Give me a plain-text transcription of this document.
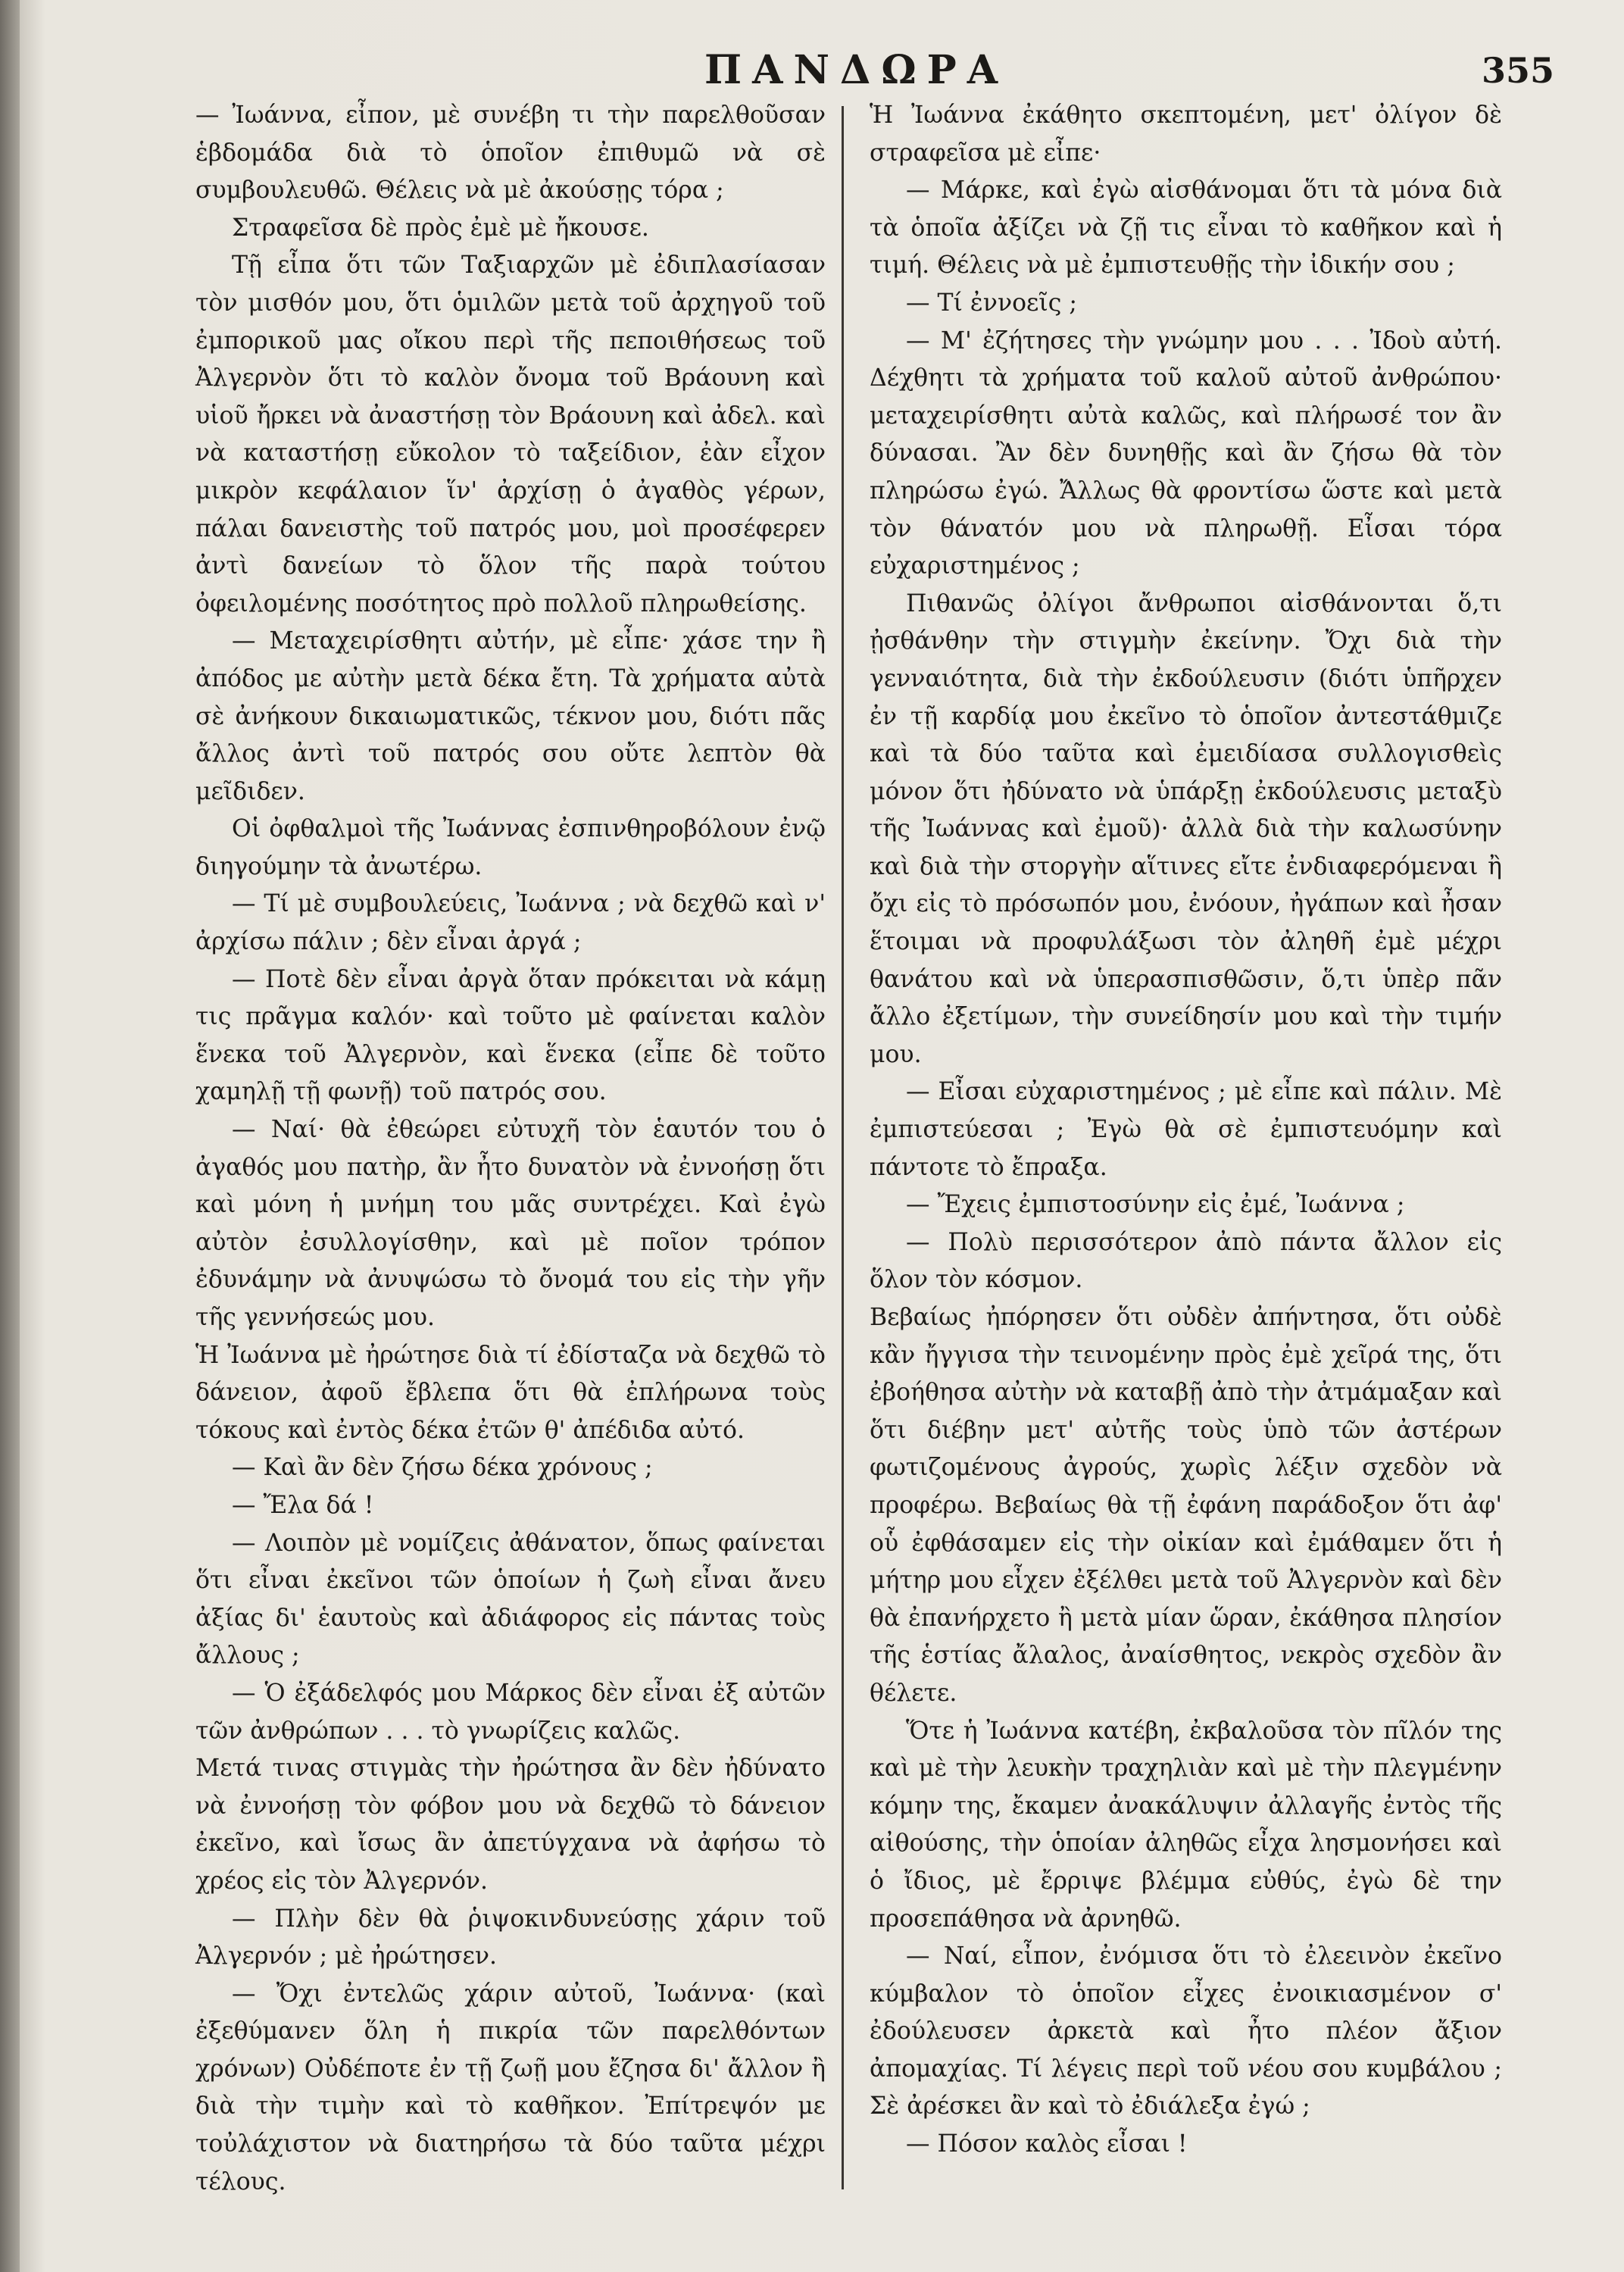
ΠΑΝΔΩΡΑ	355

— Ἰωάννα, εἶπον, μὲ συνέβη τι τὴν παρελθοῦσαν ἑβδομάδα διὰ τὸ ὁποῖον ἐπιθυμῶ νὰ σὲ συμβουλευθῶ. Θέλεις νὰ μὲ ἀκούσῃς τόρα ;

Στραφεῖσα δὲ πρὸς ἐμὲ μὲ ἤκουσε.

Τῇ εἶπα ὅτι τῶν Ταξιαρχῶν μὲ ἐδιπλασίασαν τὸν μισθόν μου, ὅτι ὁμιλῶν μετὰ τοῦ ἀρχηγοῦ τοῦ ἐμπορικοῦ μας οἴκου περὶ τῆς πεποιθήσεως τοῦ Ἀλγερνὸν ὅτι τὸ καλὸν ὄνομα τοῦ Βράουνη καὶ υἱοῦ ἤρκει νὰ ἀναστήσῃ τὸν Βράουνη καὶ ἀδελ. καὶ νὰ καταστήσῃ εὔκολον τὸ ταξείδιον, ἐὰν εἶχον μικρὸν κεφάλαιον ἵν' ἀρχίσῃ ὁ ἀγαθὸς γέρων, πάλαι δανειστὴς τοῦ πατρός μου, μοὶ προσέφερεν ἀντὶ δανείων τὸ ὅλον τῆς παρὰ τούτου ὀφειλομένης ποσότητος πρὸ πολλοῦ πληρωθείσης.

— Μεταχειρίσθητι αὐτήν, μὲ εἶπε· χάσε την ἢ ἀπόδος με αὐτὴν μετὰ δέκα ἔτη. Τὰ χρήματα αὐτὰ σὲ ἀνήκουν δικαιωματικῶς, τέκνον μου, διότι πᾶς ἄλλος ἀντὶ τοῦ πατρός σου οὔτε λεπτὸν θὰ μεῖδιδεν.

Οἱ ὀφθαλμοὶ τῆς Ἰωάννας ἐσπινθηροβόλουν ἐνῷ διηγούμην τὰ ἀνωτέρω.

— Τί μὲ συμβουλεύεις, Ἰωάννα ; νὰ δεχθῶ καὶ ν' ἀρχίσω πάλιν ; δὲν εἶναι ἀργά ;

— Ποτὲ δὲν εἶναι ἀργὰ ὅταν πρόκειται νὰ κάμῃ τις πρᾶγμα καλόν· καὶ τοῦτο μὲ φαίνεται καλὸν ἕνεκα τοῦ Ἀλγερνὸν, καὶ ἕνεκα (εἶπε δὲ τοῦτο χαμηλῇ τῇ φωνῇ) τοῦ πατρός σου.

— Ναί· θὰ ἐθεώρει εὐτυχῆ τὸν ἑαυτόν του ὁ ἀγαθός μου πατὴρ, ἂν ἦτο δυνατὸν νὰ ἐννοήσῃ ὅτι καὶ μόνη ἡ μνήμη του μᾶς συντρέχει. Καὶ ἐγὼ αὐτὸν ἐσυλλογίσθην, καὶ μὲ ποῖον τρόπον ἐδυνάμην νὰ ἀνυψώσω τὸ ὄνομά του εἰς τὴν γῆν τῆς γεννήσεώς μου.

Ἡ Ἰωάννα μὲ ἠρώτησε διὰ τί ἐδίσταζα νὰ δεχθῶ τὸ δάνειον, ἀφοῦ ἔβλεπα ὅτι θὰ ἐπλήρωνα τοὺς τόκους καὶ ἐντὸς δέκα ἐτῶν θ' ἀπέδιδα αὐτό.

— Καὶ ἂν δὲν ζήσω δέκα χρόνους ;

— Ἔλα δά !

— Λοιπὸν μὲ νομίζεις ἀθάνατον, ὅπως φαίνεται ὅτι εἶναι ἐκεῖνοι τῶν ὁποίων ἡ ζωὴ εἶναι ἄνευ ἀξίας δι' ἑαυτοὺς καὶ ἀδιάφορος εἰς πάντας τοὺς ἄλλους ;

— Ὁ ἐξάδελφός μου Μάρκος δὲν εἶναι ἐξ αὐτῶν τῶν ἀνθρώπων . . . τὸ γνωρίζεις καλῶς.

Μετά τινας στιγμὰς τὴν ἠρώτησα ἂν δὲν ἠδύνατο νὰ ἐννοήσῃ τὸν φόβον μου νὰ δεχθῶ τὸ δάνειον ἐκεῖνο, καὶ ἴσως ἂν ἀπετύγχανα νὰ ἀφήσω τὸ χρέος εἰς τὸν Ἀλγερνόν.

— Πλὴν δὲν θὰ ῥιψοκινδυνεύσῃς χάριν τοῦ Ἀλγερνόν ; μὲ ἠρώτησεν.

— Ὄχι ἐντελῶς χάριν αὐτοῦ, Ἰωάννα· (καὶ ἐξεθύμανεν ὅλη ἡ πικρία τῶν παρελθόντων χρόνων) Οὐδέποτε ἐν τῇ ζωῇ μου ἔζησα δι' ἄλλον ἢ διὰ τὴν τιμὴν καὶ τὸ καθῆκον. Ἐπίτρεψόν με τοὐλάχιστον νὰ διατηρήσω τὰ δύο ταῦτα μέχρι τέλους.

Ἡ Ἰωάννα ἐκάθητο σκεπτομένη, μετ' ὀλίγον δὲ στραφεῖσα μὲ εἶπε·

— Μάρκε, καὶ ἐγὼ αἰσθάνομαι ὅτι τὰ μόνα διὰ τὰ ὁποῖα ἀξίζει νὰ ζῇ τις εἶναι τὸ καθῆκον καὶ ἡ τιμή. Θέλεις νὰ μὲ ἐμπιστευθῇς τὴν ἰδικήν σου ;

— Τί ἐννοεῖς ;

— Μ' ἐζήτησες τὴν γνώμην μου . . . Ἰδοὺ αὐτή. Δέχθητι τὰ χρήματα τοῦ καλοῦ αὐτοῦ ἀνθρώπου· μεταχειρίσθητι αὐτὰ καλῶς, καὶ πλήρωσέ τον ἂν δύνασαι. Ἂν δὲν δυνηθῇς καὶ ἂν ζήσω θὰ τὸν πληρώσω ἐγώ. Ἄλλως θὰ φροντίσω ὥστε καὶ μετὰ τὸν θάνατόν μου νὰ πληρωθῇ. Εἶσαι τόρα εὐχαριστημένος ;

Πιθανῶς ὀλίγοι ἄνθρωποι αἰσθάνονται ὅ,τι ᾐσθάνθην τὴν στιγμὴν ἐκείνην. Ὄχι διὰ τὴν γενναιότητα, διὰ τὴν ἐκδούλευσιν (διότι ὑπῆρχεν ἐν τῇ καρδίᾳ μου ἐκεῖνο τὸ ὁποῖον ἀντεστάθμιζε καὶ τὰ δύο ταῦτα καὶ ἐμειδίασα συλλογισθεὶς μόνον ὅτι ἠδύνατο νὰ ὑπάρξῃ ἐκδούλευσις μεταξὺ τῆς Ἰωάννας καὶ ἐμοῦ)· ἀλλὰ διὰ τὴν καλωσύνην καὶ διὰ τὴν στοργὴν αἵτινες εἴτε ἐνδιαφερόμεναι ἢ ὄχι εἰς τὸ πρόσωπόν μου, ἐνόουν, ἠγάπων καὶ ἦσαν ἕτοιμαι νὰ προφυλάξωσι τὸν ἀληθῆ ἐμὲ μέχρι θανάτου καὶ νὰ ὑπερασπισθῶσιν, ὅ,τι ὑπὲρ πᾶν ἄλλο ἐξετίμων, τὴν συνείδησίν μου καὶ τὴν τιμήν μου.

— Εἶσαι εὐχαριστημένος ; μὲ εἶπε καὶ πάλιν. Μὲ ἐμπιστεύεσαι ; Ἐγὼ θὰ σὲ ἐμπιστευόμην καὶ πάντοτε τὸ ἔπραξα.

— Ἔχεις ἐμπιστοσύνην εἰς ἐμέ, Ἰωάννα ;

— Πολὺ περισσότερον ἀπὸ πάντα ἄλλον εἰς ὅλον τὸν κόσμον.

Βεβαίως ἠπόρησεν ὅτι οὐδὲν ἀπήντησα, ὅτι οὐδὲ κἂν ἤγγισα τὴν τεινομένην πρὸς ἐμὲ χεῖρά της, ὅτι ἐβοήθησα αὐτὴν νὰ καταβῇ ἀπὸ τὴν ἀτμάμαξαν καὶ ὅτι διέβην μετ' αὐτῆς τοὺς ὑπὸ τῶν ἀστέρων φωτιζομένους ἀγρούς, χωρὶς λέξιν σχεδὸν νὰ προφέρω. Βεβαίως θὰ τῇ ἐφάνη παράδοξον ὅτι ἀφ' οὗ ἐφθάσαμεν εἰς τὴν οἰκίαν καὶ ἐμάθαμεν ὅτι ἡ μήτηρ μου εἶχεν ἐξέλθει μετὰ τοῦ Ἀλγερνὸν καὶ δὲν θὰ ἐπανήρχετο ἢ μετὰ μίαν ὥραν, ἐκάθησα πλησίον τῆς ἑστίας ἄλαλος, ἀναίσθητος, νεκρὸς σχεδὸν ἂν θέλετε.

Ὅτε ἡ Ἰωάννα κατέβη, ἐκβαλοῦσα τὸν πῖλόν της καὶ μὲ τὴν λευκὴν τραχηλιὰν καὶ μὲ τὴν πλεγμένην κόμην της, ἔκαμεν ἀνακάλυψιν ἀλλαγῆς ἐντὸς τῆς αἰθούσης, τὴν ὁποίαν ἀληθῶς εἶχα λησμονήσει καὶ ὁ ἴδιος, μὲ ἔρριψε βλέμμα εὐθύς, ἐγὼ δὲ την προσεπάθησα νὰ ἀρνηθῶ.

— Ναί, εἶπον, ἐνόμισα ὅτι τὸ ἐλεεινὸν ἐκεῖνο κύμβαλον τὸ ὁποῖον εἶχες ἐνοικιασμένον σ' ἐδούλευσεν ἀρκετὰ καὶ ἦτο πλέον ἄξιον ἀπομαχίας. Τί λέγεις περὶ τοῦ νέου σου κυμβάλου ; Σὲ ἀρέσκει ἂν καὶ τὸ ἐδιάλεξα ἐγώ ;

— Πόσον καλὸς εἶσαι !
